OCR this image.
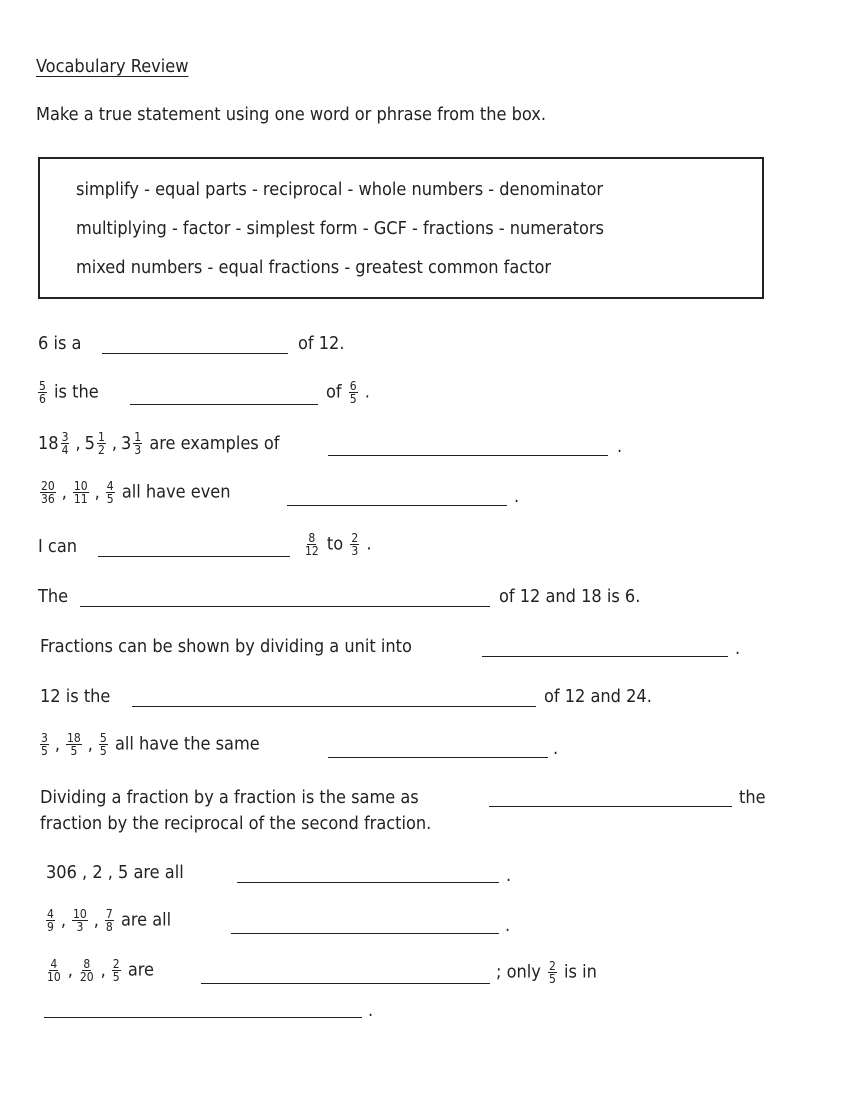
Vocabulary Review
Make a true statement using one word or phrase from the box.
simplify - equal parts - reciprocal - whole numbers - denominator
multiplying - factor - simplest form - GCF - fractions - numerators
mixed numbers - equal fractions - greatest common factor
6 is a	of 12.
$\frac{5}{6}$ is the	of $\frac{6}{5}$ .
$18 \frac{3}{4}$ , $5 \frac{1}{2}$ , $3 \frac{1}{3}$ are examples of	.
$\frac{20}{36}$ , $\frac{10}{11}$ , $\frac{4}{5}$ all have even	.
I can	$\frac{8}{12}$ to $\frac{2}{3}$ .
The	of 12 and 18 is 6.
Fractions can be shown by dividing a unit into	.
12 is the	of 12 and 24.
$\frac{3}{5}$ , $\frac{18}{5}$ , $\frac{5}{5}$ all have the same	.
Dividing a fraction by a fraction is the same as	the
fraction by the reciprocal of the second fraction.
306 , 2 , 5 are all	.
$\frac{4}{9}$ , $\frac{10}{3}$ , $\frac{7}{8}$ are all	.
$\frac{4}{10}$ , $\frac{8}{20}$ , $\frac{2}{5}$ are	; only $\frac{2}{5}$ is in
.
